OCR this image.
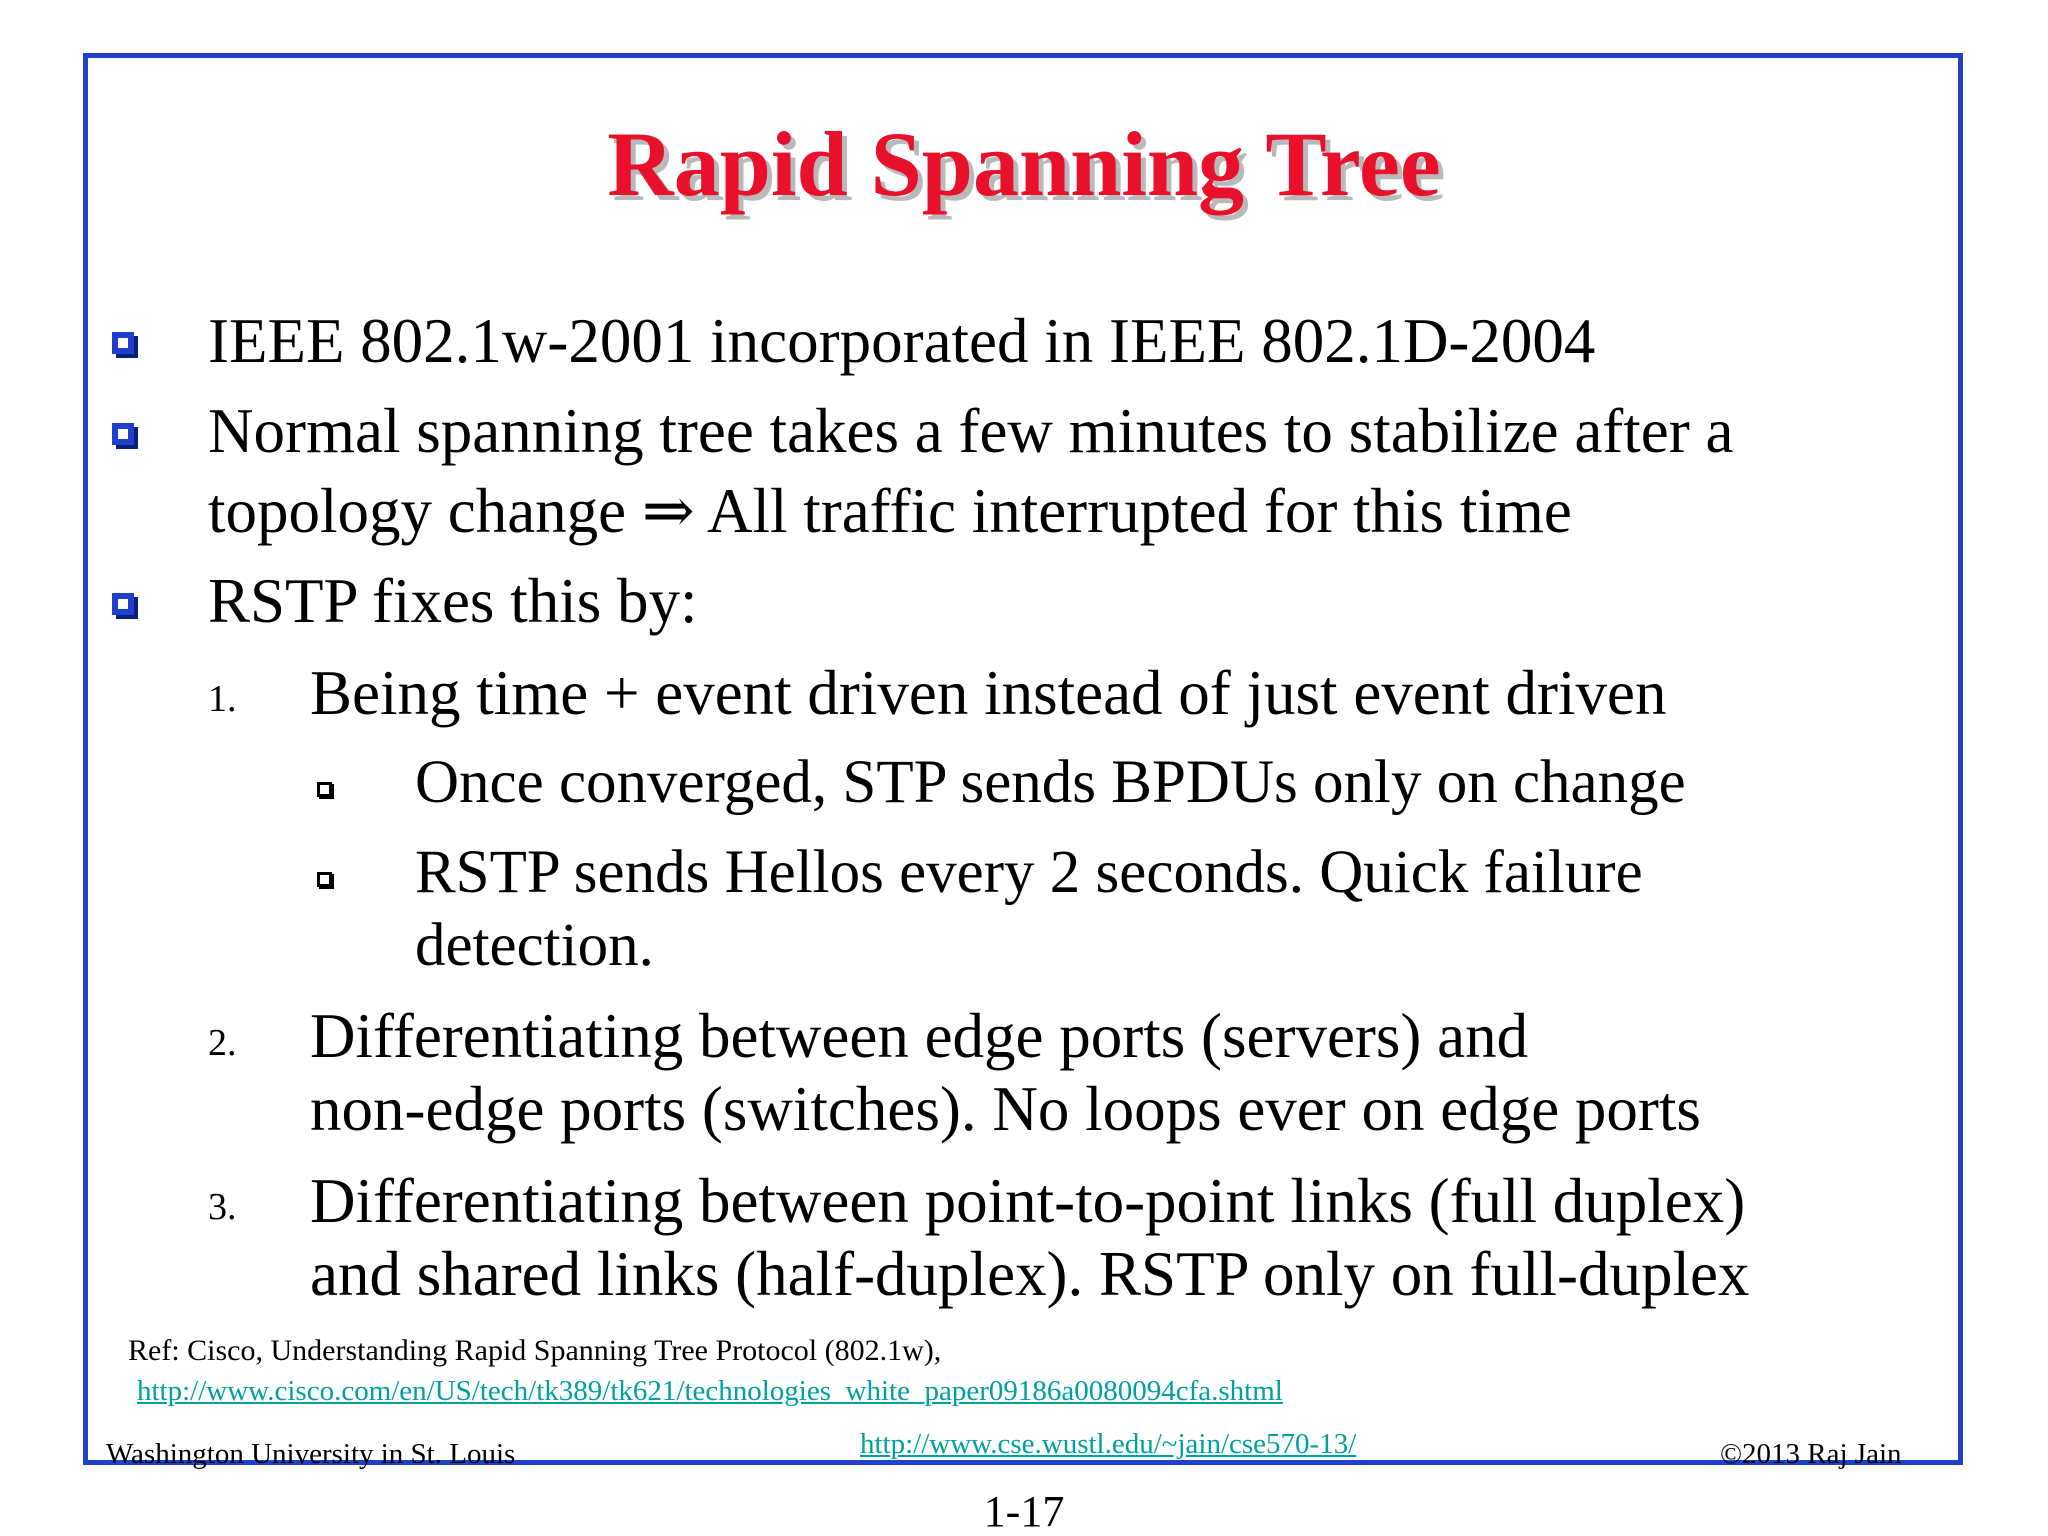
Rapid Spanning Tree
IEEE 802.1w-2001 incorporated in IEEE 802.1D-2004
Normal spanning tree takes a few minutes to stabilize after a
topology change ⇒ All traffic interrupted for this time
RSTP fixes this by:
1. Being time + event driven instead of just event driven
Once converged, STP sends BPDUs only on change
RSTP sends Hellos every 2 seconds. Quick failure
detection.
2. Differentiating between edge ports (servers) and
non-edge ports (switches). No loops ever on edge ports
3. Differentiating between point-to-point links (full duplex)
and shared links (half-duplex). RSTP only on full-duplex
Ref: Cisco, Understanding Rapid Spanning Tree Protocol (802.1w),
http://www.cisco.com/en/US/tech/tk389/tk621/technologies_white_paper09186a0080094cfa.shtml
Washington University in St. Louis	http://www.cse.wustl.edu/~jain/cse570-13/	©2013 Raj Jain
1-17
